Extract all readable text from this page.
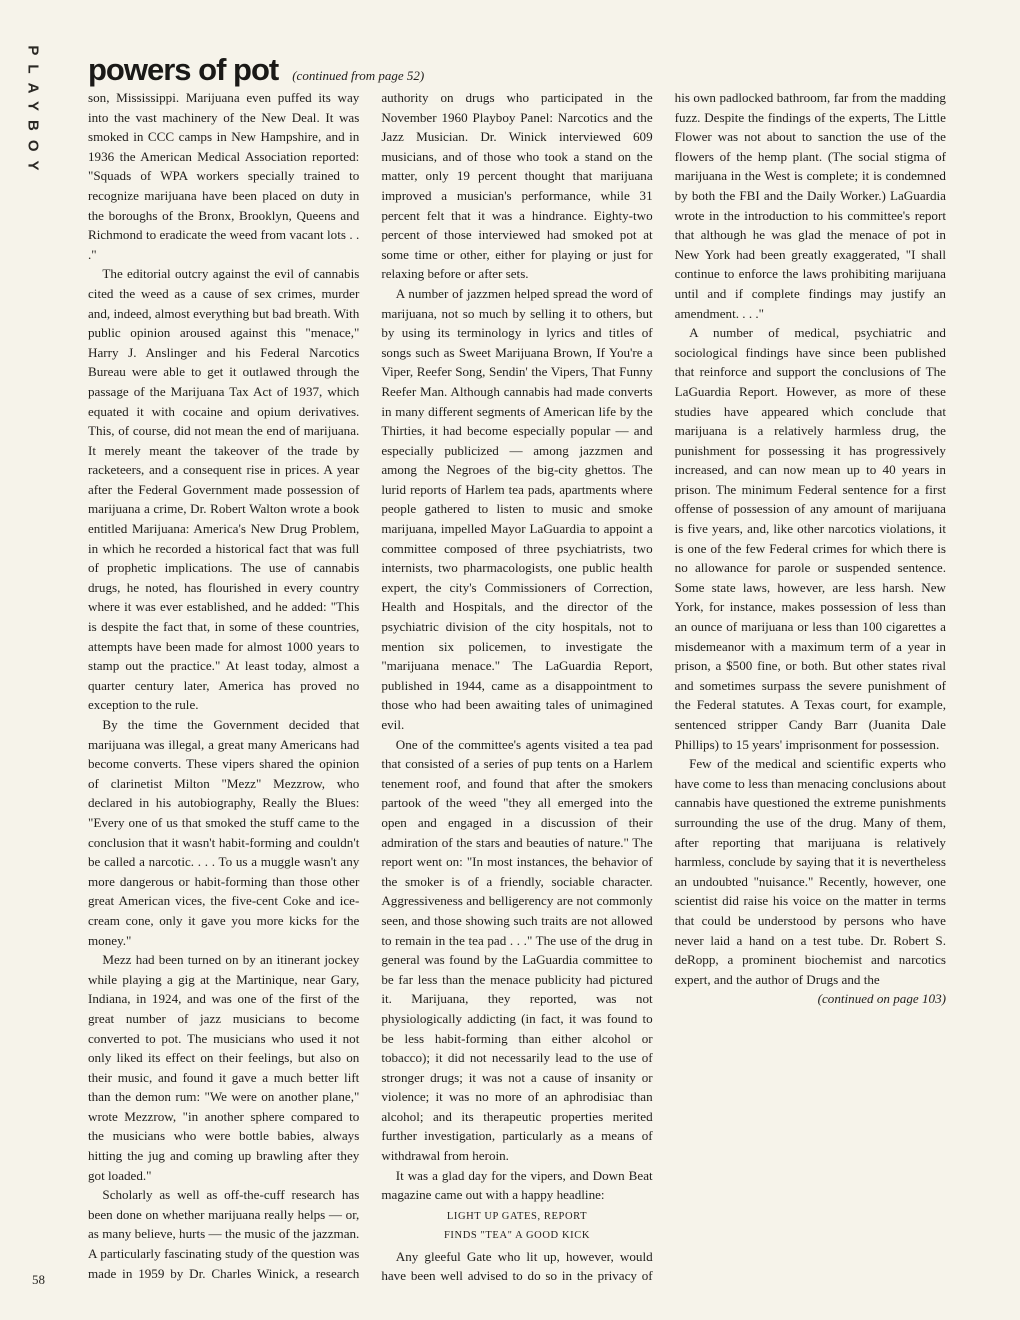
PLAYBOY
58
powers of pot (continued from page 52)

son, Mississippi. Marijuana even puffed its way into the vast machinery of the New Deal. It was smoked in CCC camps in New Hampshire, and in 1936 the American Medical Association reported: "Squads of WPA workers specially trained to recognize marijuana have been placed on duty in the boroughs of the Bronx, Brooklyn, Queens and Richmond to eradicate the weed from vacant lots . . ."

The editorial outcry against the evil of cannabis cited the weed as a cause of sex crimes, murder and, indeed, almost everything but bad breath. With public opinion aroused against this "menace," Harry J. Anslinger and his Federal Narcotics Bureau were able to get it outlawed through the passage of the Marijuana Tax Act of 1937, which equated it with cocaine and opium derivatives. This, of course, did not mean the end of marijuana. It merely meant the takeover of the trade by racketeers, and a consequent rise in prices. A year after the Federal Government made possession of marijuana a crime, Dr. Robert Walton wrote a book entitled Marijuana: America's New Drug Problem, in which he recorded a historical fact that was full of prophetic implications. The use of cannabis drugs, he noted, has flourished in every country where it was ever established, and he added: "This is despite the fact that, in some of these countries, attempts have been made for almost 1000 years to stamp out the practice." At least today, almost a quarter century later, America has proved no exception to the rule.

By the time the Government decided that marijuana was illegal, a great many Americans had become converts. These vipers shared the opinion of clarinetist Milton "Mezz" Mezzrow, who declared in his autobiography, Really the Blues: "Every one of us that smoked the stuff came to the conclusion that it wasn't habit-forming and couldn't be called a narcotic. . . . To us a muggle wasn't any more dangerous or habit-forming than those other great American vices, the five-cent Coke and ice-cream cone, only it gave you more kicks for the money."

Mezz had been turned on by an itinerant jockey while playing a gig at the Martinique, near Gary, Indiana, in 1924, and was one of the first of the great number of jazz musicians to become converted to pot. The musicians who used it not only liked its effect on their feelings, but also on their music, and found it gave a much better lift than the demon rum: "We were on another plane," wrote Mezzrow, "in another sphere compared to the musicians who were bottle babies, always hitting the jug and coming up brawling after they got loaded."

Scholarly as well as off-the-cuff research has been done on whether marijuana really helps — or, as many believe, hurts — the music of the jazzman. A particularly fascinating study of the question was made in 1959 by Dr. Charles Winick, a research authority on drugs who participated in the November 1960 Playboy Panel: Narcotics and the Jazz Musician. Dr. Winick interviewed 609 musicians, and of those who took a stand on the matter, only 19 percent thought that marijuana improved a musician's performance, while 31 percent felt that it was a hindrance. Eighty-two percent of those interviewed had smoked pot at some time or other, either for playing or just for relaxing before or after sets.

A number of jazzmen helped spread the word of marijuana, not so much by selling it to others, but by using its terminology in lyrics and titles of songs such as Sweet Marijuana Brown, If You're a Viper, Reefer Song, Sendin' the Vipers, That Funny Reefer Man. Although cannabis had made converts in many different segments of American life by the Thirties, it had become especially popular — and especially publicized — among jazzmen and among the Negroes of the big-city ghettos. The lurid reports of Harlem tea pads, apartments where people gathered to listen to music and smoke marijuana, impelled Mayor LaGuardia to appoint a committee composed of three psychiatrists, two internists, two pharmacologists, one public health expert, the city's Commissioners of Correction, Health and Hospitals, and the director of the psychiatric division of the city hospitals, not to mention six policemen, to investigate the "marijuana menace." The LaGuardia Report, published in 1944, came as a disappointment to those who had been awaiting tales of unimagined evil.

One of the committee's agents visited a tea pad that consisted of a series of pup tents on a Harlem tenement roof, and found that after the smokers partook of the weed "they all emerged into the open and engaged in a discussion of their admiration of the stars and beauties of nature." The report went on: "In most instances, the behavior of the smoker is of a friendly, sociable character. Aggressiveness and belligerency are not commonly seen, and those showing such traits are not allowed to remain in the tea pad . . ." The use of the drug in general was found by the LaGuardia committee to be far less than the menace publicity had pictured it. Marijuana, they reported, was not physiologically addicting (in fact, it was found to be less habit-forming than either alcohol or tobacco); it did not necessarily lead to the use of stronger drugs; it was not a cause of insanity or violence; it was no more of an aphrodisiac than alcohol; and its therapeutic properties merited further investigation, particularly as a means of withdrawal from heroin.

It was a glad day for the vipers, and Down Beat magazine came out with a happy headline:

LIGHT UP GATES, REPORT

FINDS "TEA" A GOOD KICK

Any gleeful Gate who lit up, however, would have been well advised to do so in the privacy of his own padlocked bathroom, far from the madding fuzz. Despite the findings of the experts, The Little Flower was not about to sanction the use of the flowers of the hemp plant. (The social stigma of marijuana in the West is complete; it is condemned by both the FBI and the Daily Worker.) LaGuardia wrote in the introduction to his committee's report that although he was glad the menace of pot in New York had been greatly exaggerated, "I shall continue to enforce the laws prohibiting marijuana until and if complete findings may justify an amendment. . . ."

A number of medical, psychiatric and sociological findings have since been published that reinforce and support the conclusions of The LaGuardia Report. However, as more of these studies have appeared which conclude that marijuana is a relatively harmless drug, the punishment for possessing it has progressively increased, and can now mean up to 40 years in prison. The minimum Federal sentence for a first offense of possession of any amount of marijuana is five years, and, like other narcotics violations, it is one of the few Federal crimes for which there is no allowance for parole or suspended sentence. Some state laws, however, are less harsh. New York, for instance, makes possession of less than an ounce of marijuana or less than 100 cigarettes a misdemeanor with a maximum term of a year in prison, a $500 fine, or both. But other states rival and sometimes surpass the severe punishment of the Federal statutes. A Texas court, for example, sentenced stripper Candy Barr (Juanita Dale Phillips) to 15 years' imprisonment for possession.

Few of the medical and scientific experts who have come to less than menacing conclusions about cannabis have questioned the extreme punishments surrounding the use of the drug. Many of them, after reporting that marijuana is relatively harmless, conclude by saying that it is nevertheless an undoubted "nuisance." Recently, however, one scientist did raise his voice on the matter in terms that could be understood by persons who have never laid a hand on a test tube. Dr. Robert S. deRopp, a prominent biochemist and narcotics expert, and the author of Drugs and the

(continued on page 103)
